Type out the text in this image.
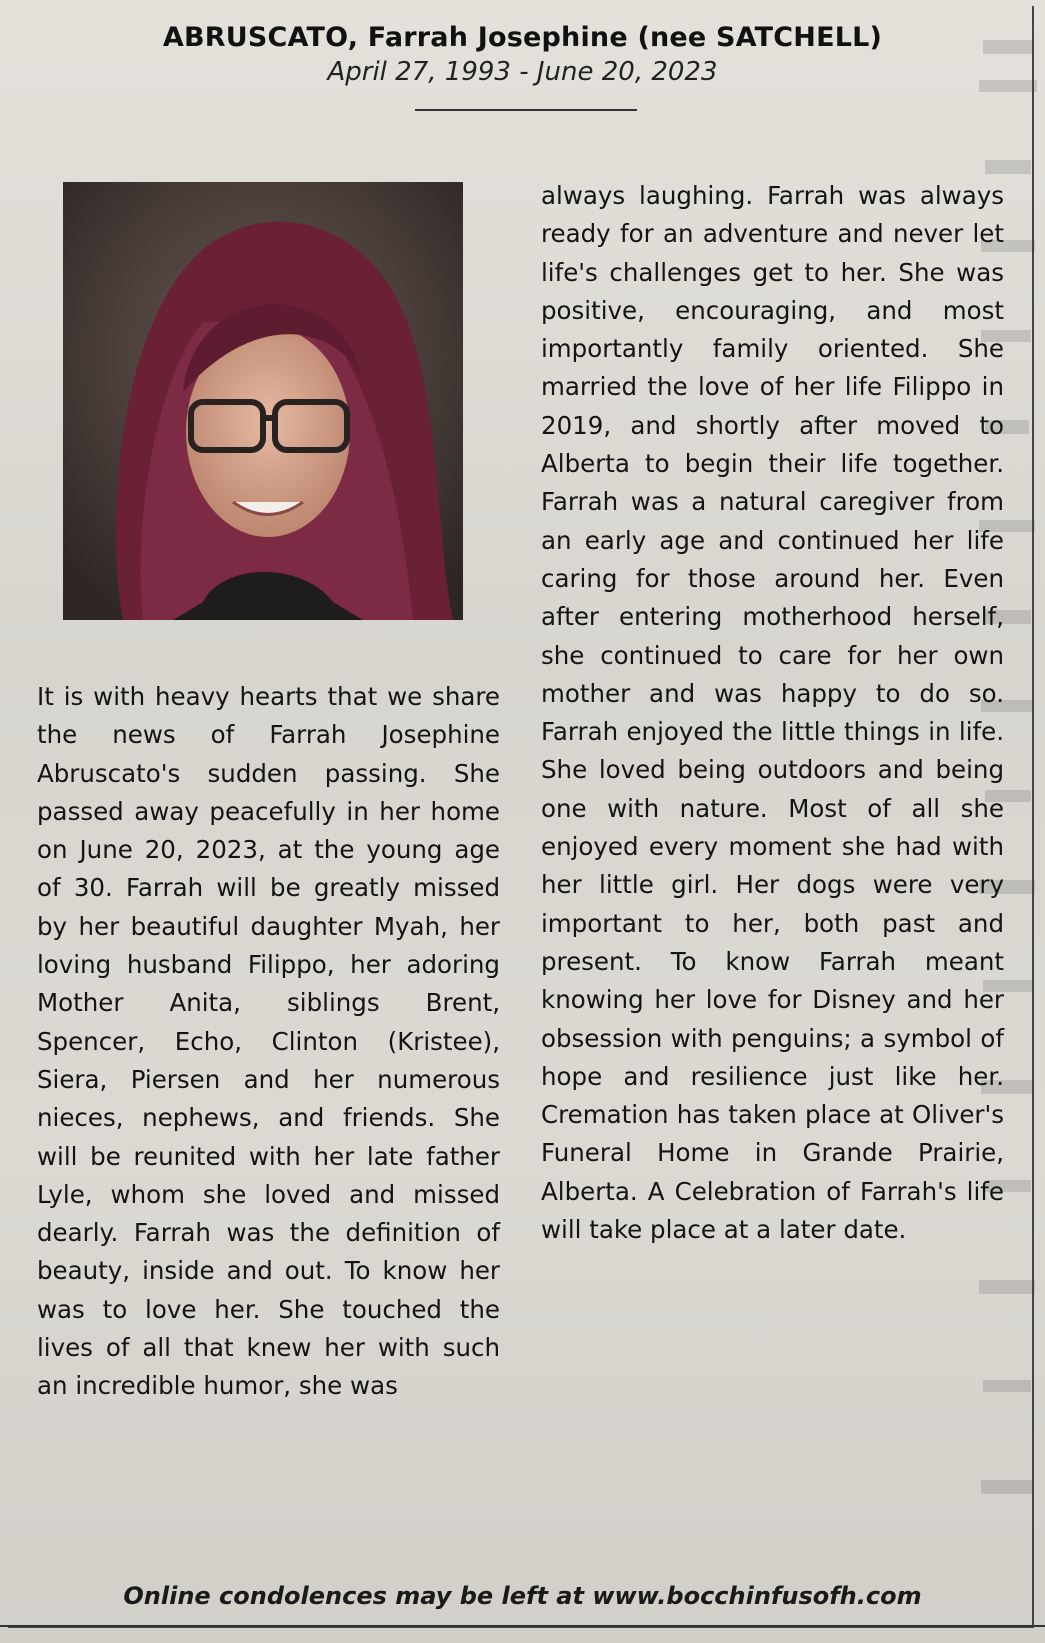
ABRUSCATO, Farrah Josephine (nee SATCHELL)
April 27, 1993 - June 20, 2023
It is with heavy hearts that we share the news of Farrah Josephine Abruscato's sudden passing. She passed away peacefully in her home on June 20, 2023, at the young age of 30. Farrah will be greatly missed by her beautiful daughter Myah, her loving husband Filippo, her adoring Mother Anita, siblings Brent, Spencer, Echo, Clinton (Kristee), Siera, Piersen and her numerous nieces, nephews, and friends. She will be reunited with her late father Lyle, whom she loved and missed dearly. Farrah was the definition of beauty, inside and out. To know her was to love her. She touched the lives of all that knew her with such an incredible humor, she was
always laughing. Farrah was always ready for an adventure and never let life's challenges get to her. She was positive, encouraging, and most importantly family oriented. She married the love of her life Filippo in 2019, and shortly after moved to Alberta to begin their life together. Farrah was a natural caregiver from an early age and continued her life caring for those around her. Even after entering motherhood herself, she continued to care for her own mother and was happy to do so. Farrah enjoyed the little things in life. She loved being outdoors and being one with nature. Most of all she enjoyed every moment she had with her little girl. Her dogs were very important to her, both past and present. To know Farrah meant knowing her love for Disney and her obsession with penguins; a symbol of hope and resilience just like her. Cremation has taken place at Oliver's Funeral Home in Grande Prairie, Alberta. A Celebration of Farrah's life will take place at a later date.
Online condolences may be left at www.bocchinfusofh.com
